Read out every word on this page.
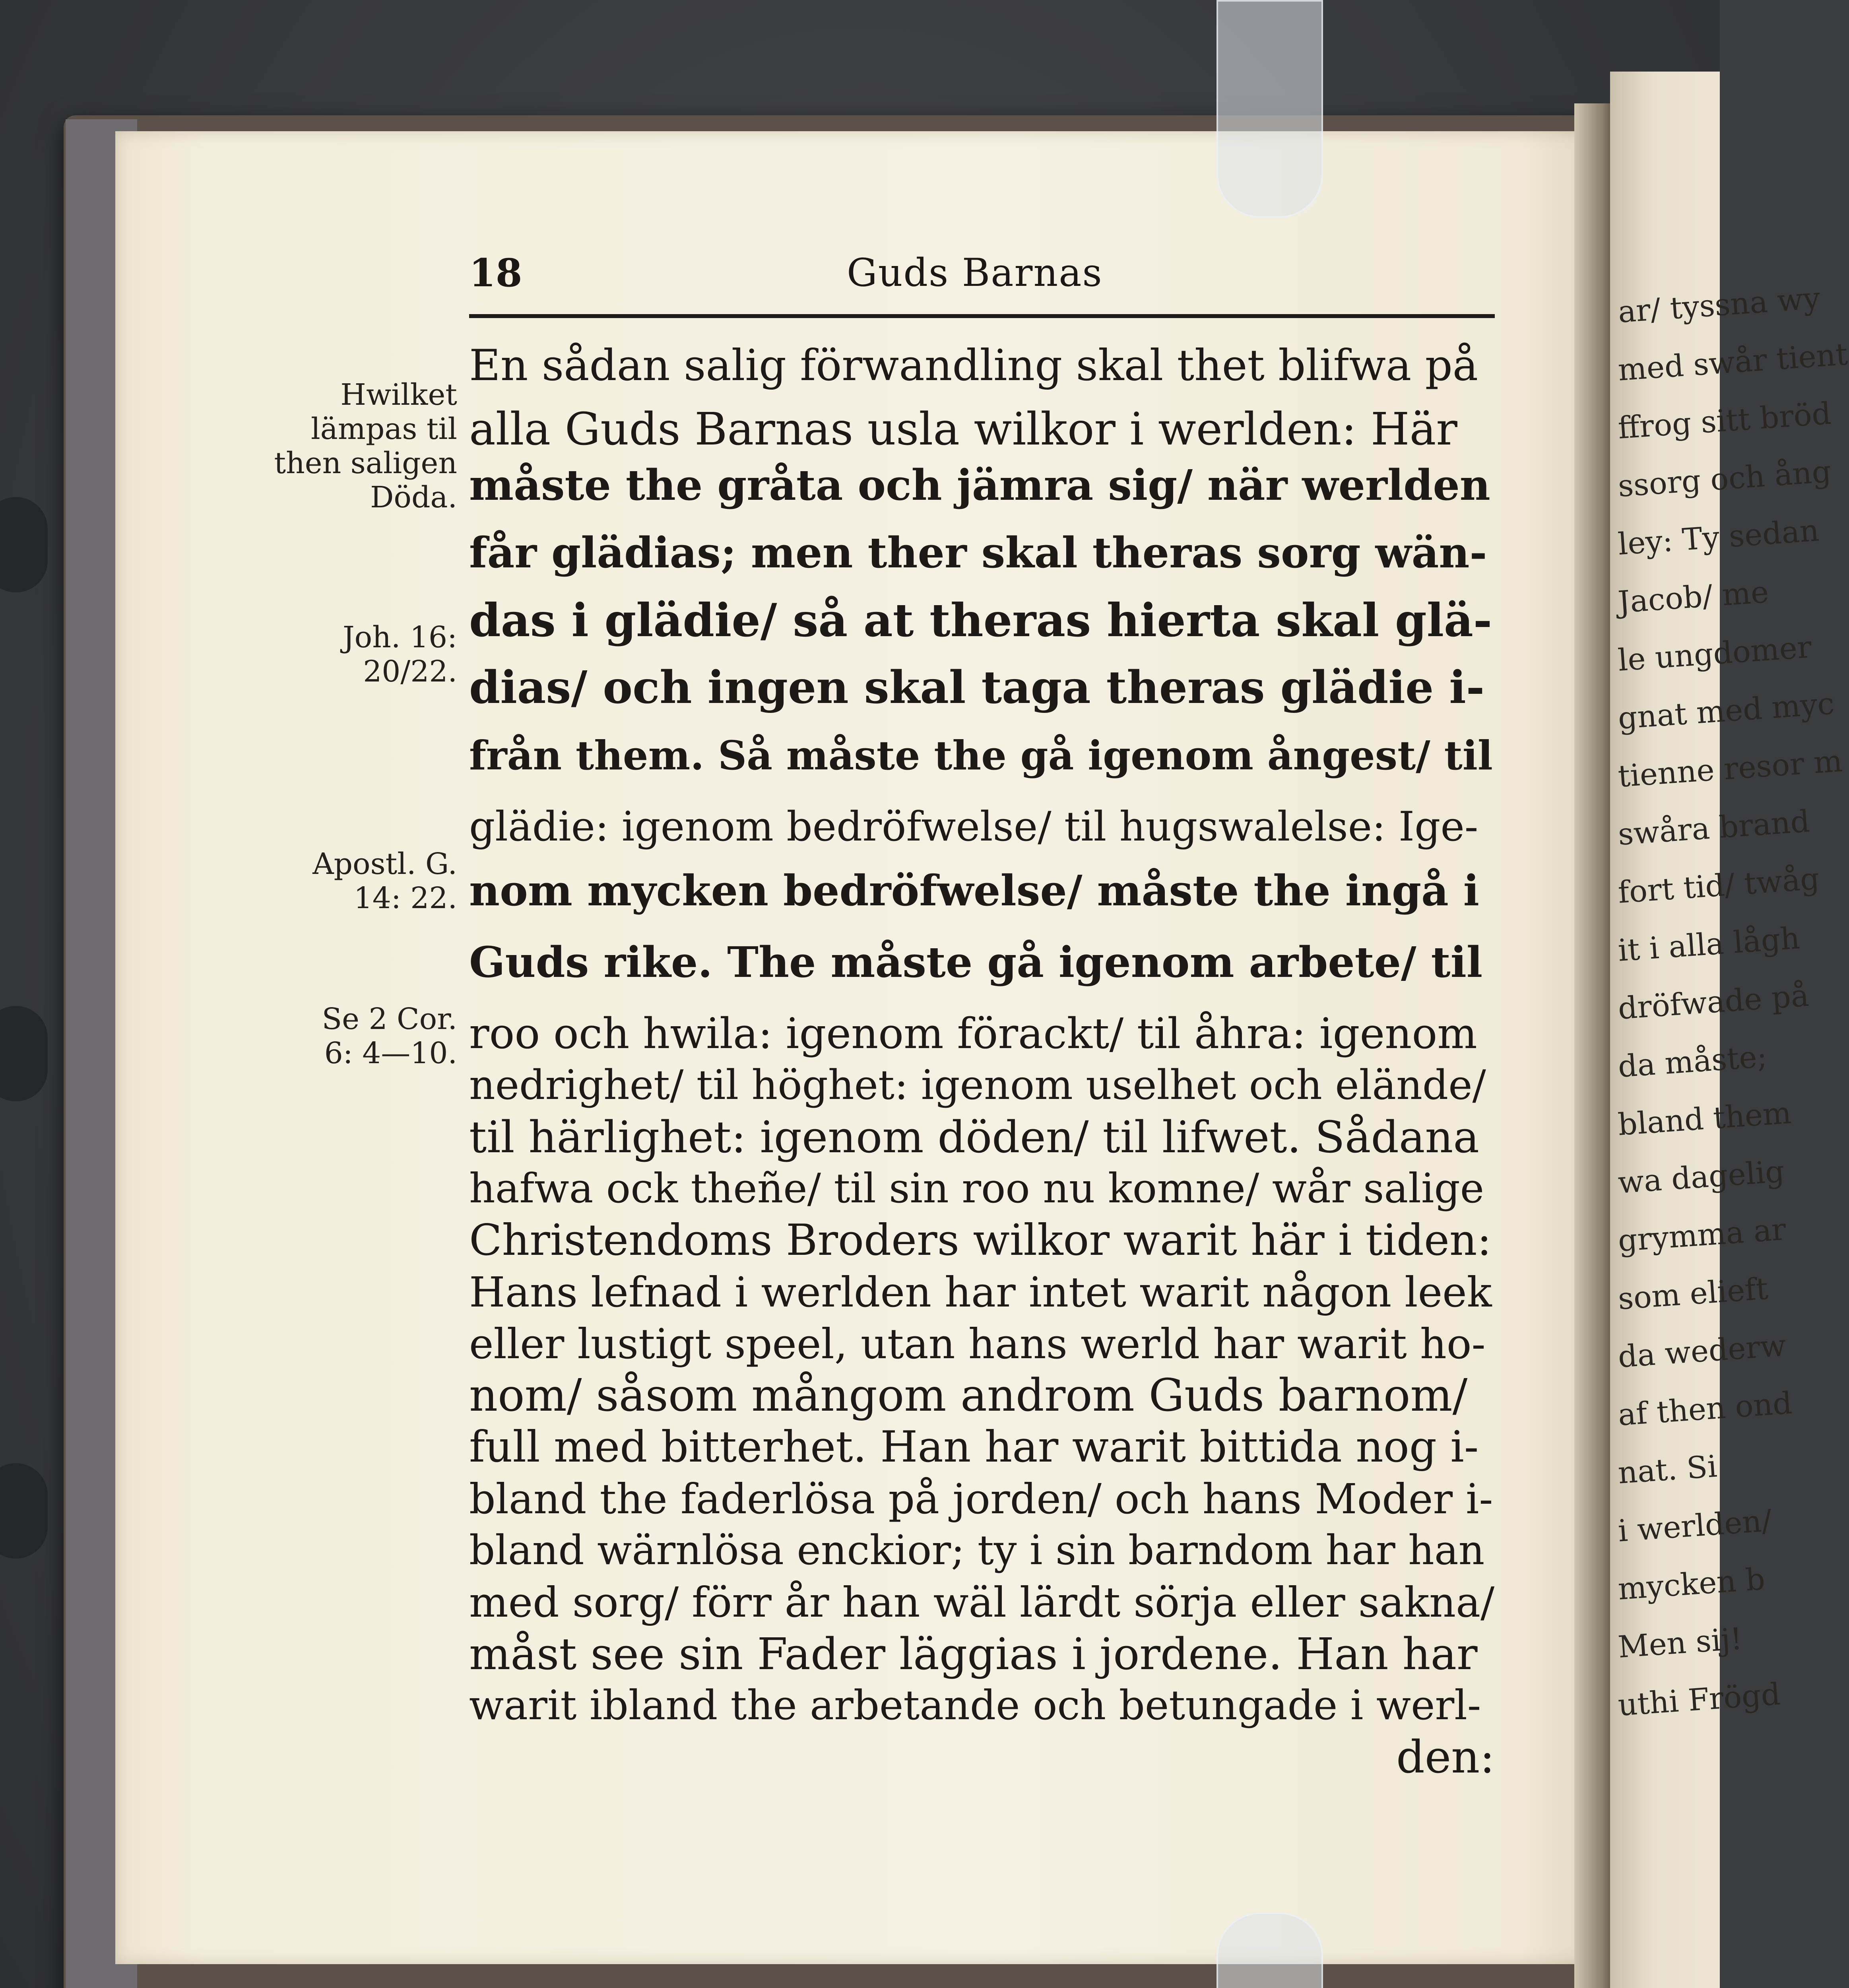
ar/ tyssna wy
med swår tient
ffrog sitt bröd
ssorg och ång
ley: Ty sedan
Jacob/ me
le ungdomer
gnat med myc
tienne resor m
swåra brand
fort tid/ twåg
it i alla lågh
dröfwade på
da måste;
bland them
wa dagelig
grymma ar
som elieft
da wederw
af then ond
nat. Si
i werlden/
mycken b
Men sij!
uthi Frögd
18	Guds Barnas
Hwilket
lämpas til
then saligen
Döda.
Joh. 16:
20/22.
Apostl. G.
14: 22.
Se 2 Cor.
6: 4—10.
En sådan salig förwandling skal thet blifwa på
alla Guds Barnas usla wilkor i werlden: Här
måste the gråta och jämra sig/ när werlden
får glädias; men ther skal theras sorg wän-
das i glädie/ så at theras hierta skal glä-
dias/ och ingen skal taga theras glädie i-
från them. Så måste the gå igenom ångest/ til
glädie: igenom bedröfwelse/ til hugswalelse: Ige-
nom mycken bedröfwelse/ måste the ingå i
Guds rike. The måste gå igenom arbete/ til
roo och hwila: igenom förackt/ til åhra: igenom
nedrighet/ til höghet: igenom uselhet och elände/
til härlighet: igenom döden/ til lifwet. Sådana
hafwa ock theñe/ til sin roo nu komne/ wår salige
Christendoms Broders wilkor warit här i tiden:
Hans lefnad i werlden har intet warit någon leek
eller lustigt speel, utan hans werld har warit ho-
nom/ såsom mångom androm Guds barnom/
full med bitterhet. Han har warit bittida nog i-
bland the faderlösa på jorden/ och hans Moder i-
bland wärnlösa enckior; ty i sin barndom har han
med sorg/ förr år han wäl lärdt sörja eller sakna/
måst see sin Fader läggias i jordene. Han har
warit ibland the arbetande och betungade i werl-
den:
